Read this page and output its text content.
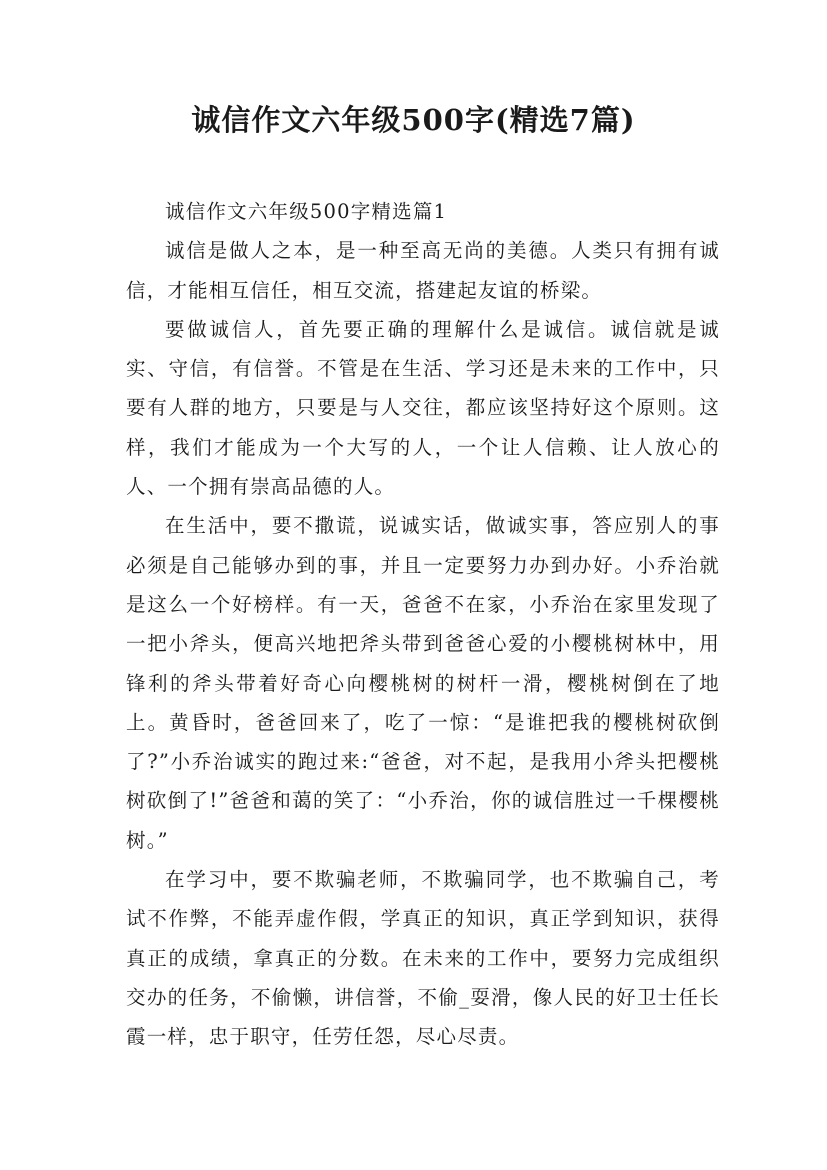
诚信作文六年级500字(精选7篇)

诚信作文六年级500字精选篇1

诚信是做人之本，是一种至高无尚的美德。人类只有拥有诚信，才能相互信任，相互交流，搭建起友谊的桥梁。

要做诚信人，首先要正确的理解什么是诚信。诚信就是诚实、守信，有信誉。不管是在生活、学习还是未来的工作中，只要有人群的地方，只要是与人交往，都应该坚持好这个原则。这样，我们才能成为一个大写的人，一个让人信赖、让人放心的人、一个拥有崇高品德的人。

在生活中，要不撒谎，说诚实话，做诚实事，答应别人的事必须是自己能够办到的事，并且一定要努力办到办好。小乔治就是这么一个好榜样。有一天，爸爸不在家，小乔治在家里发现了一把小斧头，便高兴地把斧头带到爸爸心爱的小樱桃树林中，用锋利的斧头带着好奇心向樱桃树的树杆一滑，樱桃树倒在了地上。黄昏时，爸爸回来了，吃了一惊：“是谁把我的樱桃树砍倒了?”小乔治诚实的跑过来:“爸爸，对不起，是我用小斧头把樱桃树砍倒了!”爸爸和蔼的笑了：“小乔治，你的诚信胜过一千棵樱桃树。”

在学习中，要不欺骗老师，不欺骗同学，也不欺骗自己，考试不作弊，不能弄虚作假，学真正的知识，真正学到知识，获得真正的成绩，拿真正的分数。在未来的工作中，要努力完成组织交办的任务，不偷懒，讲信誉，不偷_耍滑，像人民的好卫士任长霞一样，忠于职守，任劳任怨，尽心尽责。
